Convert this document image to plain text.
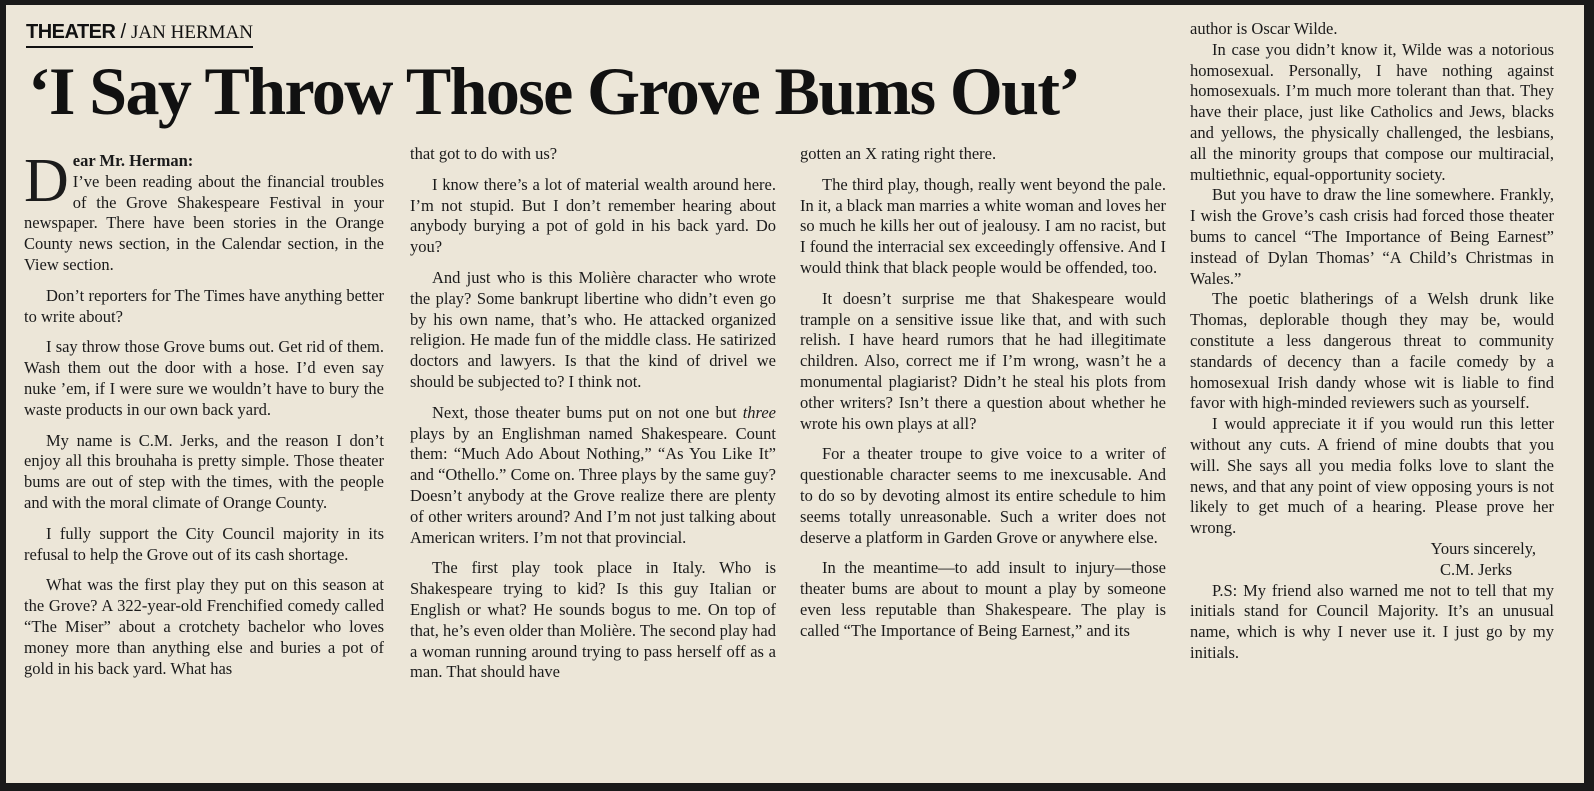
THEATER / JAN HERMAN
‘I Say Throw Those Grove Bums Out’

Dear Mr. Herman:
I’ve been reading about the financial troubles of the Grove Shakespeare Festival in your newspaper. There have been stories in the Orange County news section, in the Calendar section, in the View section.

Don’t reporters for The Times have anything better to write about?

I say throw those Grove bums out. Get rid of them. Wash them out the door with a hose. I’d even say nuke ’em, if I were sure we wouldn’t have to bury the waste products in our own back yard.

My name is C.M. Jerks, and the reason I don’t enjoy all this brouhaha is pretty simple. Those theater bums are out of step with the times, with the people and with the moral climate of Orange County.

I fully support the City Council majority in its refusal to help the Grove out of its cash shortage.

What was the first play they put on this season at the Grove? A 322-year-old Frenchified comedy called “The Miser” about a crotchety bachelor who loves money more than anything else and buries a pot of gold in his back yard. What has

that got to do with us?

I know there’s a lot of material wealth around here. I’m not stupid. But I don’t remember hearing about anybody burying a pot of gold in his back yard. Do you?

And just who is this Molière character who wrote the play? Some bankrupt libertine who didn’t even go by his own name, that’s who. He attacked organized religion. He made fun of the middle class. He satirized doctors and lawyers. Is that the kind of drivel we should be subjected to? I think not.

Next, those theater bums put on not one but three plays by an Englishman named Shakespeare. Count them: “Much Ado About Nothing,” “As You Like It” and “Othello.” Come on. Three plays by the same guy? Doesn’t anybody at the Grove realize there are plenty of other writers around? And I’m not just talking about American writers. I’m not that provincial.

The first play took place in Italy. Who is Shakespeare trying to kid? Is this guy Italian or English or what? He sounds bogus to me. On top of that, he’s even older than Molière. The second play had a woman running around trying to pass herself off as a man. That should have

gotten an X rating right there.

The third play, though, really went beyond the pale. In it, a black man marries a white woman and loves her so much he kills her out of jealousy. I am no racist, but I found the interracial sex exceedingly offensive. And I would think that black people would be offended, too.

It doesn’t surprise me that Shakespeare would trample on a sensitive issue like that, and with such relish. I have heard rumors that he had illegitimate children. Also, correct me if I’m wrong, wasn’t he a monumental plagiarist? Didn’t he steal his plots from other writers? Isn’t there a question about whether he wrote his own plays at all?

For a theater troupe to give voice to a writer of questionable character seems to me inexcusable. And to do so by devoting almost its entire schedule to him seems totally unreasonable. Such a writer does not deserve a platform in Garden Grove or anywhere else.

In the meantime—to add insult to injury—those theater bums are about to mount a play by someone even less reputable than Shakespeare. The play is called “The Importance of Being Earnest,” and its

author is Oscar Wilde.

In case you didn’t know it, Wilde was a notorious homosexual. Personally, I have nothing against homosexuals. I’m much more tolerant than that. They have their place, just like Catholics and Jews, blacks and yellows, the physically challenged, the lesbians, all the minority groups that compose our multiracial, multiethnic, equal-opportunity society.

But you have to draw the line somewhere. Frankly, I wish the Grove’s cash crisis had forced those theater bums to cancel “The Importance of Being Earnest” instead of Dylan Thomas’ “A Child’s Christmas in Wales.”

The poetic blatherings of a Welsh drunk like Thomas, deplorable though they may be, would constitute a less dangerous threat to community standards of decency than a facile comedy by a homosexual Irish dandy whose wit is liable to find favor with high-minded reviewers such as yourself.

I would appreciate it if you would run this letter without any cuts. A friend of mine doubts that you will. She says all you media folks love to slant the news, and that any point of view opposing yours is not likely to get much of a hearing. Please prove her wrong.

Yours sincerely,

C.M. Jerks

P.S: My friend also warned me not to tell that my initials stand for Council Majority. It’s an unusual name, which is why I never use it. I just go by my initials.
